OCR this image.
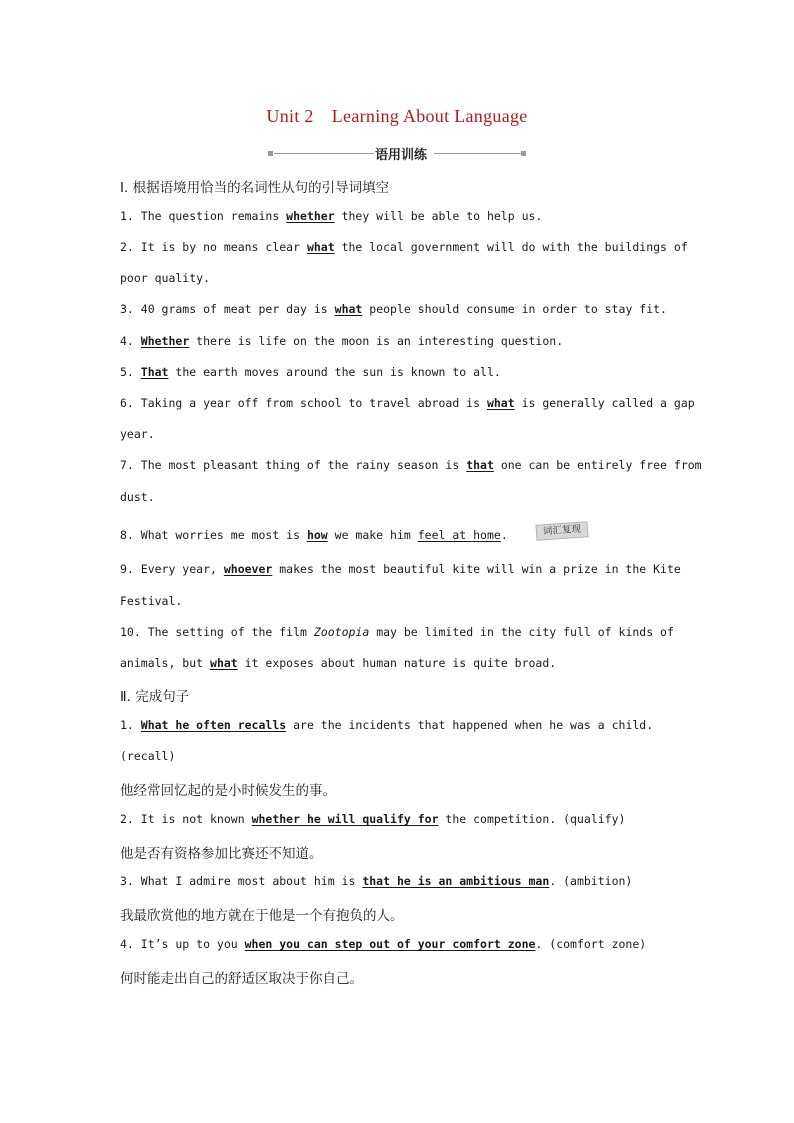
Unit 2 Learning About Language
语用训练
Ⅰ. 根据语境用恰当的名词性从句的引导词填空
1. The question remains whether they will be able to help us.
2. It is by no means clear what the local government will do with the buildings of
poor quality.
3. 40 grams of meat per day is what people should consume in order to stay fit.
4. Whether there is life on the moon is an interesting question.
5. That the earth moves around the sun is known to all.
6. Taking a year off from school to travel abroad is what is generally called a gap
year.
7. The most pleasant thing of the rainy season is that one can be entirely free from
dust.
8. What worries me most is how we make him feel at home.	词汇复现
9. Every year, whoever makes the most beautiful kite will win a prize in the Kite
Festival.
10. The setting of the film Zootopia may be limited in the city full of kinds of
animals, but what it exposes about human nature is quite broad.
Ⅱ. 完成句子
1. What he often recalls are the incidents that happened when he was a child.
(recall)
他经常回忆起的是小时候发生的事。
2. It is not known whether he will qualify for the competition. (qualify)
他是否有资格参加比赛还不知道。
3. What I admire most about him is that he is an ambitious man. (ambition)
我最欣赏他的地方就在于他是一个有抱负的人。
4. It’s up to you when you can step out of your comfort zone. (comfort zone)
何时能走出自己的舒适区取决于你自己。
